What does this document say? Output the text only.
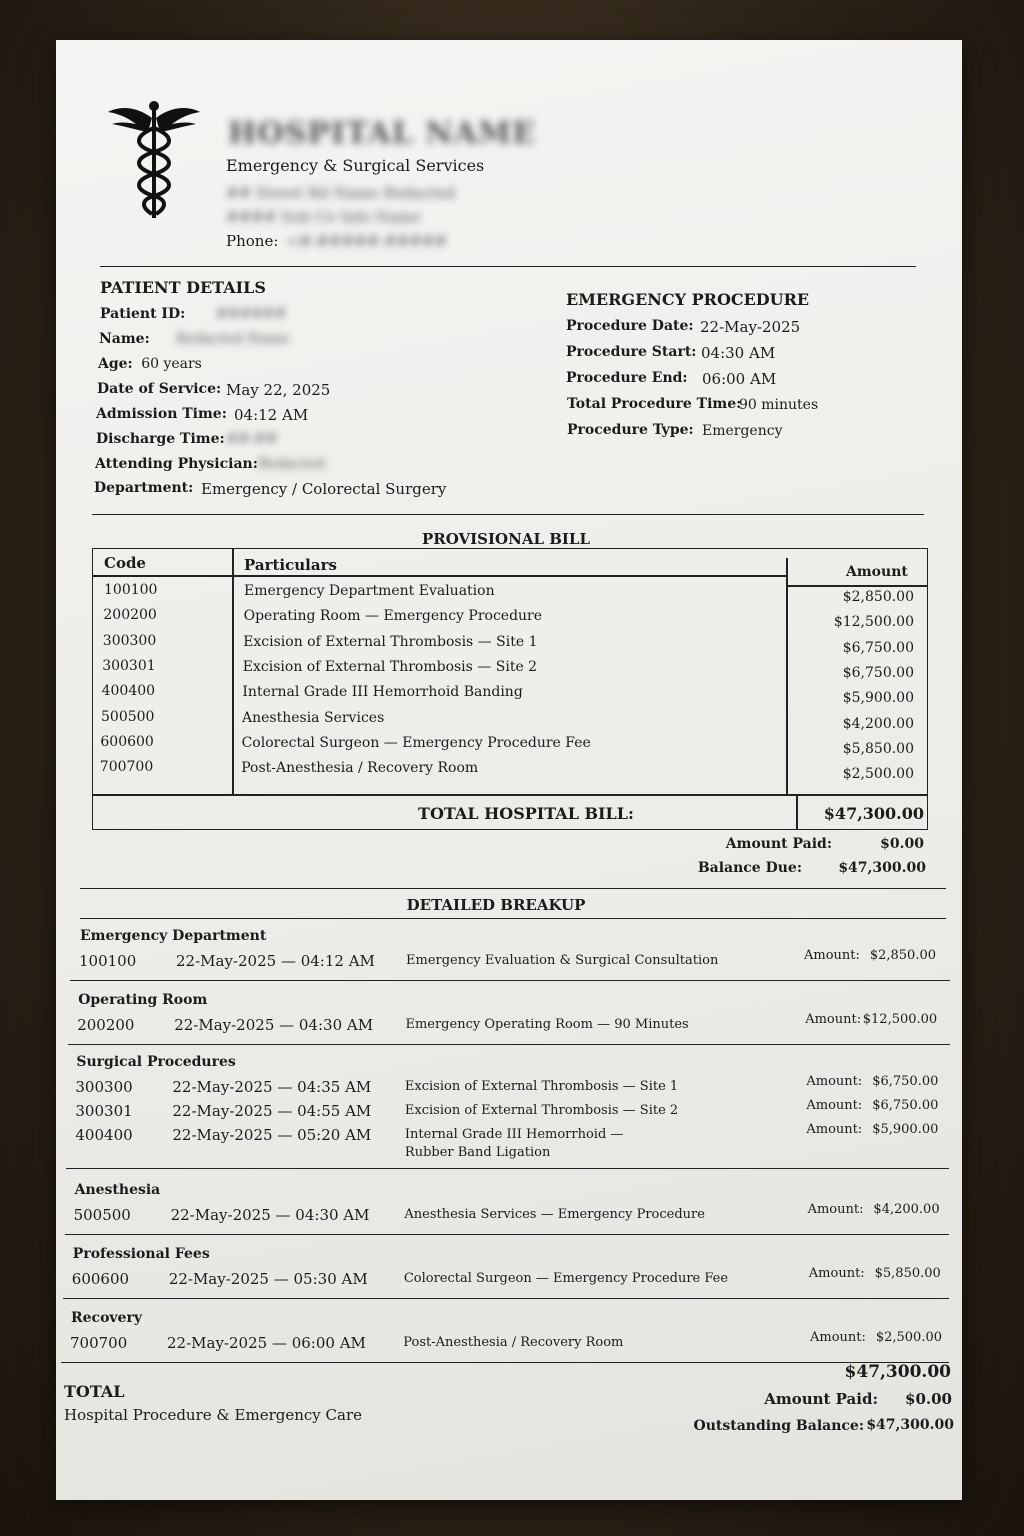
HOSPITAL NAME
Emergency & Surgical Services
## Street Rd Name Redacted
#### Sub Ce Info Name
Phone: +#-#####-#####
PATIENT DETAILS
Patient ID: ######
Name: Redacted Name
Age: 60 years
Date of Service: May 22, 2025
Admission Time: 04:12 AM
Discharge Time: ##:##
Attending Physician: Redacted
Department: Emergency / Colorectal Surgery
EMERGENCY PROCEDURE
Procedure Date: 22-May-2025
Procedure Start: 04:30 AM
Procedure End: 06:00 AM
Total Procedure Time:
90 minutes
Procedure Type: Emergency
PROVISIONAL BILL
Code	Particulars	Amount
100100	Emergency Department Evaluation	$2,850.00
200200	Operating Room — Emergency Procedure	$12,500.00
300300	Excision of External Thrombosis — Site 1	$6,750.00
300301	Excision of External Thrombosis — Site 2	$6,750.00
400400	Internal Grade III Hemorrhoid Banding	$5,900.00
500500	Anesthesia Services	$4,200.00
600600	Colorectal Surgeon — Emergency Procedure Fee	$5,850.00
700700	Post-Anesthesia / Recovery Room	$2,500.00
TOTAL HOSPITAL BILL:	$47,300.00
Amount Paid:	$0.00
Balance Due:	$47,300.00
DETAILED BREAKUP
Emergency Department
100100	22-May-2025 — 04:12 AM Emergency Evaluation & Surgical Consultation	Amount: $2,850.00
Operating Room
200200	22-May-2025 — 04:30 AM Emergency Operating Room — 90 Minutes	Amount: $12,500.00
Surgical Procedures
300300	22-May-2025 — 04:35 AM	Excision of External Thrombosis — Site 1	Amount: $6,750.00
300301	22-May-2025 — 04:55 AM	Excision of External Thrombosis — Site 2	Amount: $6,750.00
400400	22-May-2025 — 05:20 AM	Internal Grade III Hemorrhoid —
Rubber Band Ligation
Amount: $5,900.00
Anesthesia
500500	22-May-2025 — 04:30 AM	Anesthesia Services — Emergency Procedure	Amount: $4,200.00
Professional Fees
600600	22-May-2025 — 05:30 AM	Colorectal Surgeon — Emergency Procedure Fee	Amount: $5,850.00
Recovery
700700	22-May-2025 — 06:00 AM	Post-Anesthesia / Recovery Room	Amount: $2,500.00
TOTAL
Hospital Procedure & Emergency Care
$47,300.00
Amount Paid:	$0.00
Outstanding Balance: $47,300.00
